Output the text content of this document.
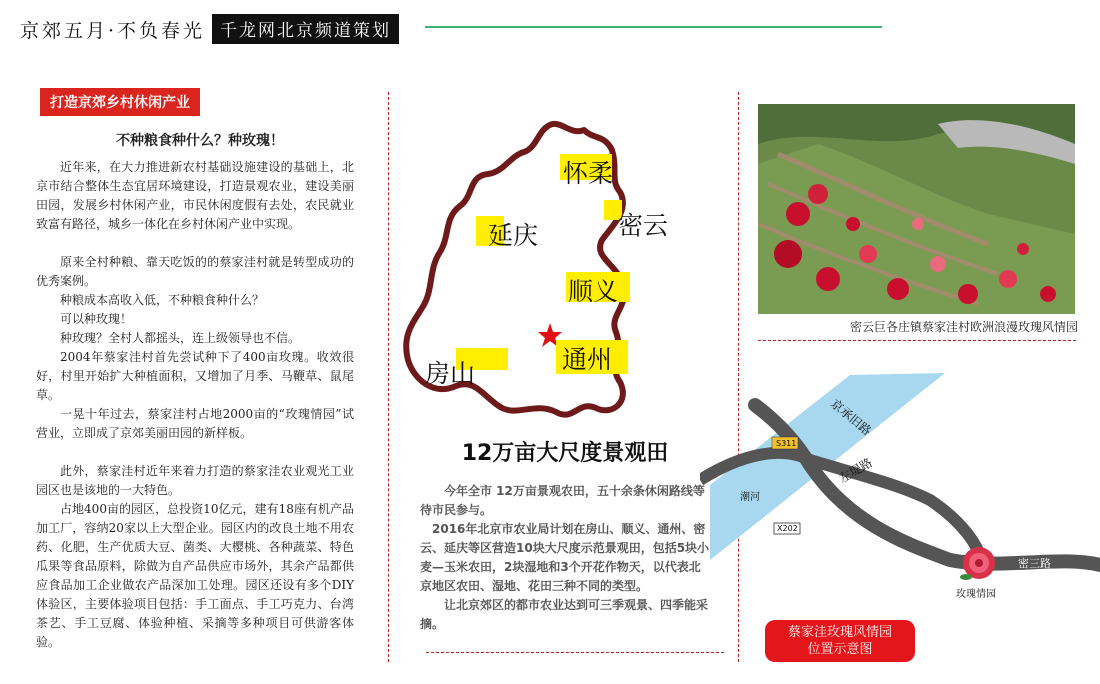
京郊五月·不负春光 千龙网北京频道策划
打造京郊乡村休闲产业
不种粮食种什么？种玫瑰！

近年来，在大力推进新农村基础设施建设的基础上，北京市结合整体生态宜居环境建设，打造景观农业，建设美丽田园，发展乡村休闲产业，市民休闲度假有去处，农民就业致富有路径，城乡一体化在乡村休闲产业中实现。

原来全村种粮、靠天吃饭的的蔡家洼村就是转型成功的优秀案例。

种粮成本高收入低，不种粮食种什么？

可以种玫瑰！

种玫瑰？全村人都摇头，连上级领导也不信。

2004年蔡家洼村首先尝试种下了400亩玫瑰。收效很好，村里开始扩大种植面积，又增加了月季、马鞭草、鼠尾草。

一晃十年过去，蔡家洼村占地2000亩的“玫瑰情园”试营业，立即成了京郊美丽田园的新样板。

此外，蔡家洼村近年来着力打造的蔡家洼农业观光工业园区也是该地的一大特色。

占地400亩的园区，总投资10亿元，建有18座有机产品加工厂，容纳20家以上大型企业。园区内的改良土地不用农药、化肥，生产优质大豆、菌类、大樱桃、各种蔬菜、特色瓜果等食品原料，除做为自产品供应市场外，其余产品都供应食品加工企业做农产品深加工处理。园区还设有多个DIY体验区，主要体验项目包括：手工面点、手工巧克力、台湾茶艺、手工豆腐、体验种植、采摘等多种项目可供游客体验。

怀柔
密云
延庆
顺义
通州
房山
12万亩大尺度景观田

今年全市 12万亩景观农田，五十余条休闲路线等待市民参与。

2016年北京市农业局计划在房山、顺义、通州、密云、延庆等区营造10块大尺度示范景观田，包括5块小麦—玉米农田，2块湿地和3个开花作物天，以代表北京地区农田、湿地、花田三种不同的类型。

让北京郊区的都市农业达到可三季观景、四季能采摘。

密云巨各庄镇蔡家洼村欧洲浪漫玫瑰风情园
S311
X202
京承旧路
左堤路
密三路
潮河
玫瑰情园
蔡家洼玫瑰风情园
位置示意图
